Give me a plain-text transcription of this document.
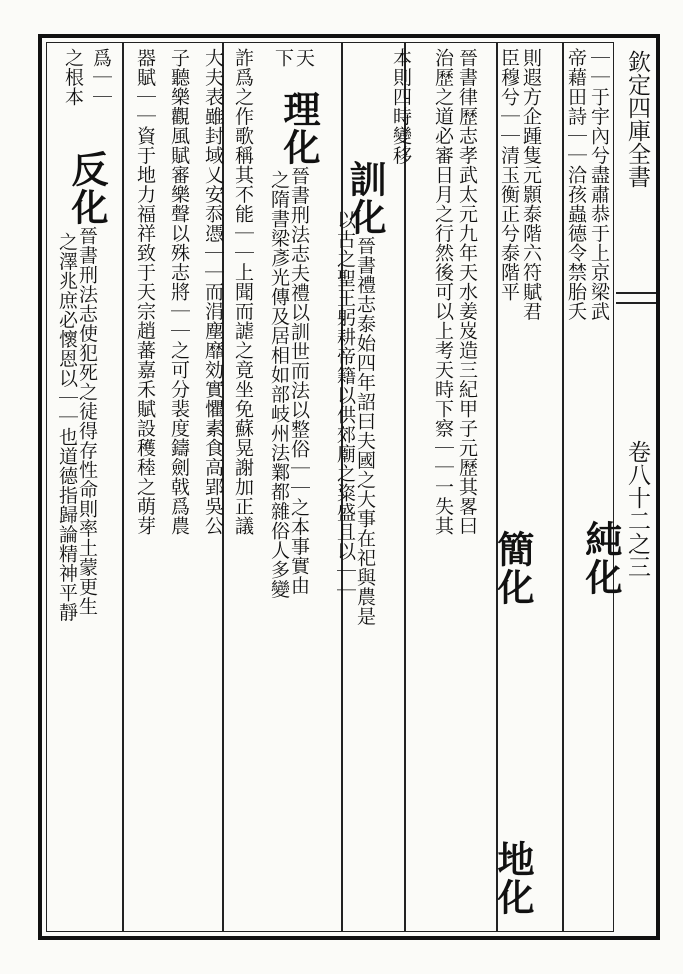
欽定四庫全書
卷八十二之三
｜｜于宇內兮盡肅恭于上京梁武
帝藉田詩｜｜洽孩蟲德令禁胎夭
純化
則遐方企踵隻元顥泰階六符賦君
臣穆兮｜｜清玉衡正兮泰階平
簡化
晉書律歷志孝武太元九年天水姜岌造三紀甲子元歷其畧曰
治歷之道必審日月之行然後可以上考天時下察｜｜一失其
本則四時變移
訓化晉書禮志泰始四年詔曰夫國之大事在祀與農是
以古之聖王躬耕帝籍以供郊廟之粢盛且以｜｜
天
下
理化晉書刑法志夫禮以訓世而法以整俗｜｜之本事實由
之隋書梁彥光傳及居相如部岐州法鄴都雜俗人多變
詐爲之作歌稱其不能｜｜上聞而謔之竟坐免蘇晃謝加正議
大夫表雖封域乂安忝憑｜｜而涓塵靡効實懼素食高郢吳公
子聽樂觀風賦審樂聲以殊志將｜｜之可分裴度鑄劍戟爲農
器賦｜｜資于地力福祥致于天宗趙蕃嘉禾賦設穫稑之萌芽
爲｜｜
之根本
反化晉書刑法志使犯死之徒得存性命則率土蒙更生
之澤兆庶必懷恩以｜｜也道德指歸論精神平靜
地化
